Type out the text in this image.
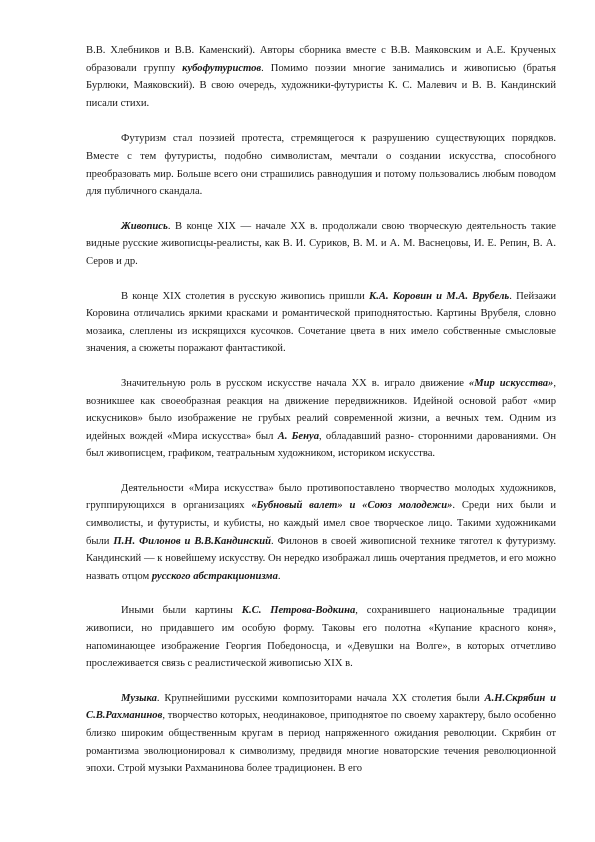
В.В. Хлебников и В.В. Каменский). Авторы сборника вместе с В.В. Маяковским и А.Е. Крученых образовали группу кубофутуристов. Помимо поэзии многие занимались и живописью (братья Бурлюки, Маяковский). В свою очередь, художники-футуристы К. С. Малевич и В. В. Кандинский писали стихи.

Футуризм стал поэзией протеста, стремящегося к разрушению существующих порядков. Вместе с тем футуристы, подобно символистам, мечтали о создании искусства, способного преобразовать мир. Больше всего они страшились равнодушия и потому пользовались любым поводом для публичного скандала.

Живопись. В конце XIX — начале XX в. продолжали свою творческую деятельность такие видные русские живописцы-реалисты, как В. И. Суриков, В. М. и А. М. Васнецовы, И. Е. Репин, В. А. Серов и др.

В конце XIX столетия в русскую живопись пришли К.А. Коровин и М.А. Врубель. Пейзажи Коровина отличались яркими красками и романтической приподнятостью. Картины Врубеля, словно мозаика, слеплены из искрящихся кусочков. Сочетание цвета в них имело собственные смысловые значения, а сюжеты поражают фантастикой.

Значительную роль в русском искусстве начала XX в. играло движение «Мир искусства», возникшее как своеобразная реакция на движение передвижников. Идейной основой работ «мир искусников» было изображение не грубых реалий современной жизни, а вечных тем. Одним из идейных вождей «Мира искусства» был А. Бенуа, обладавший разно- сторонними дарованиями. Он был живописцем, графиком, театральным художником, историком искусства.

Деятельности «Мира искусства» было противопоставлено творчество молодых художников, группирующихся в организациях «Бубновый валет» и «Союз молодежи». Среди них были и символисты, и футуристы, и кубисты, но каждый имел свое творческое лицо. Такими художниками были П.Н. Филонов и В.В.Кандинский. Филонов в своей живописной технике тяготел к футуризму. Кандинский — к новейшему искусству. Он нередко изображал лишь очертания предметов, и его можно назвать отцом русского абстракционизма.

Иными были картины К.С. Петрова-Водкина, сохранившего национальные традиции живописи, но придавшего им особую форму. Таковы его полотна «Купание красного коня», напоминающее изображение Георгия Победоносца, и «Девушки на Волге», в которых отчетливо прослеживается связь с реалистической живописью XIX в.

Музыка. Крупнейшими русскими композиторами начала XX столетия были А.Н.Скрябин и С.В.Рахманинов, творчество которых, неодинаковое, приподнятое по своему характеру, было особенно близко широким общественным кругам в период напряженного ожидания революции. Скрябин от романтизма эволюционировал к символизму, предвидя многие новаторские течения революционной эпохи. Строй музыки Рахманинова более традиционен. В его
